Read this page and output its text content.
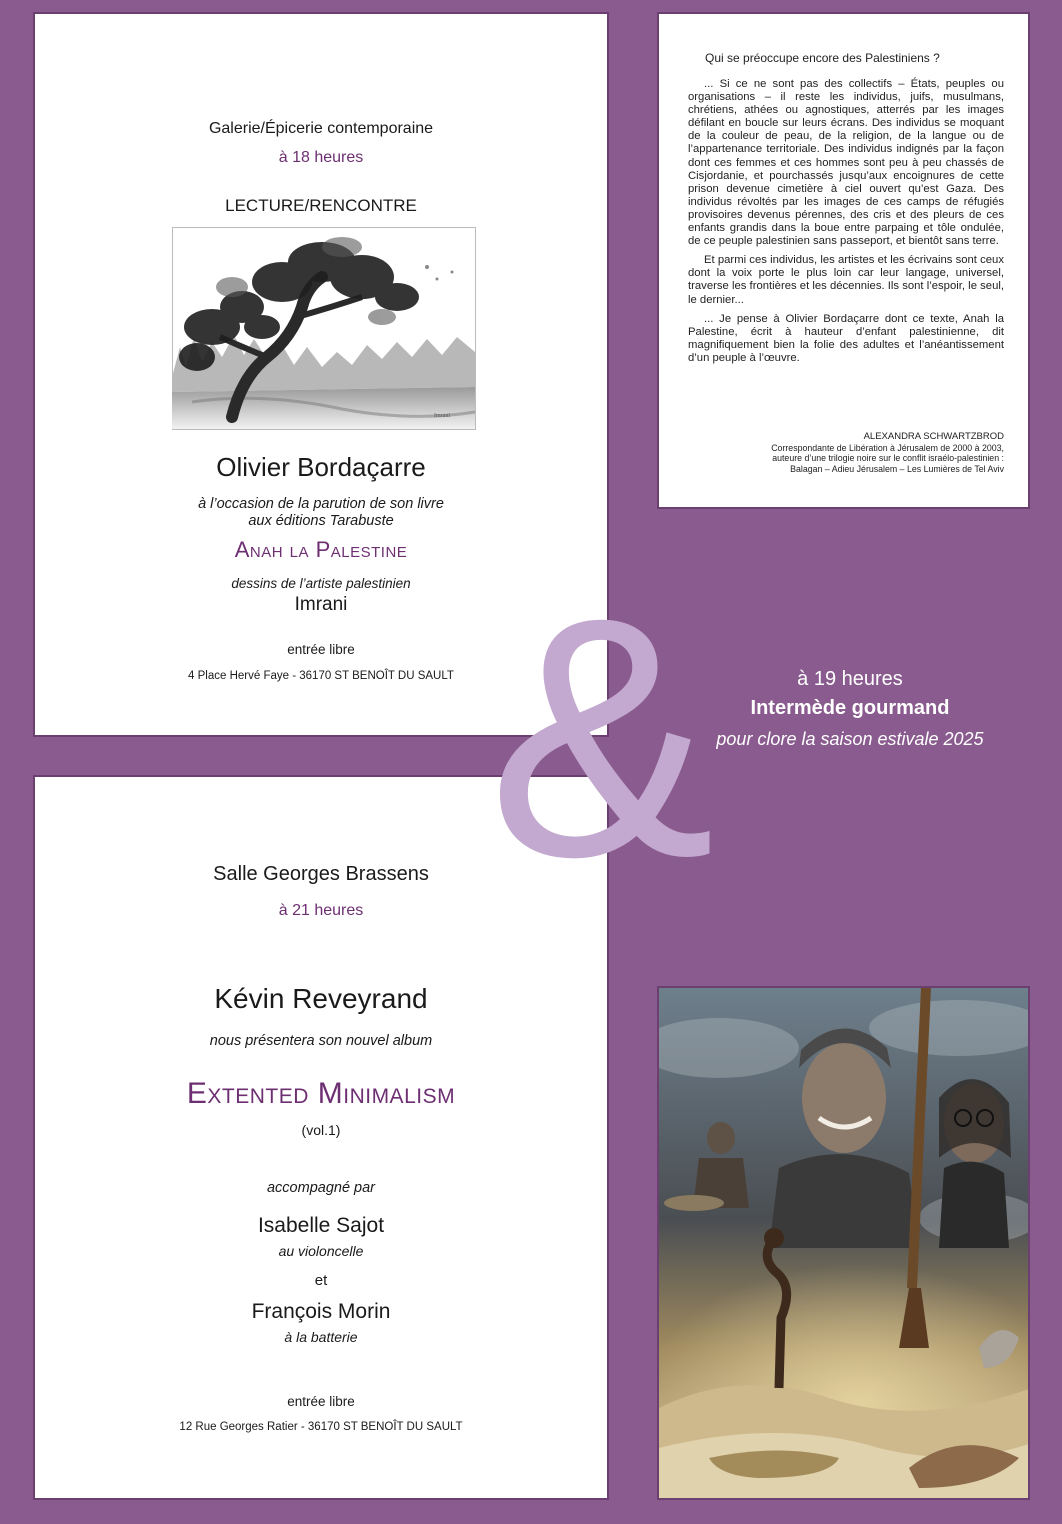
Galerie/Épicerie contemporaine
à 18 heures
LECTURE/RENCONTRE
Imrani
Olivier Bordaçarre
à l’occasion de la parution de son livre
aux éditions Tarabuste
Anah la Palestine
dessins de l’artiste palestinien
Imrani
entrée libre
4 Place Hervé Faye - 36170 ST BENOÎT DU SAULT
Qui se préoccupe encore des Palestiniens ?

... Si ce ne sont pas des collectifs – États, peuples ou organisations – il reste les individus, juifs, musulmans, chrétiens, athées ou agnostiques, atterrés par les images défilant en boucle sur leurs écrans. Des individus se moquant de la couleur de peau, de la religion, de la langue ou de l’appartenance territoriale. Des individus indignés par la façon dont ces femmes et ces hommes sont peu à peu chassés de Cisjordanie, et pourchassés jusqu’aux encoignures de cette prison devenue cimetière à ciel ouvert qu’est Gaza. Des individus révoltés par les images de ces camps de réfugiés provisoires devenus pérennes, des cris et des pleurs de ces enfants grandis dans la boue entre parpaing et tôle ondulée, de ce peuple palestinien sans passeport, et bientôt sans terre.

Et parmi ces individus, les artistes et les écrivains sont ceux dont la voix porte le plus loin car leur langage, universel, traverse les frontières et les décennies. Ils sont l’espoir, le seul, le dernier...

... Je pense à Olivier Bordaçarre dont ce texte, Anah la Palestine, écrit à hauteur d’enfant palestinienne, dit magnifiquement bien la folie des adultes et l’anéantissement d’un peuple à l’œuvre.

ALEXANDRA SCHWARTZBROD
Correspondante de Libération à Jérusalem de 2000 à 2003,
auteure d’une trilogie noire sur le conflit israélo-palestinien :
Balagan – Adieu Jérusalem – Les Lumières de Tel Aviv
Salle Georges Brassens
à 21 heures
Kévin Reveyrand
nous présentera son nouvel album
Extented Minimalism
(vol.1)
accompagné par
Isabelle Sajot
au violoncelle
et
François Morin
à la batterie
entrée libre
12 Rue Georges Ratier - 36170 ST BENOÎT DU SAULT
&	à 19 heures
Intermède gourmand
pour clore la saison estivale 2025
